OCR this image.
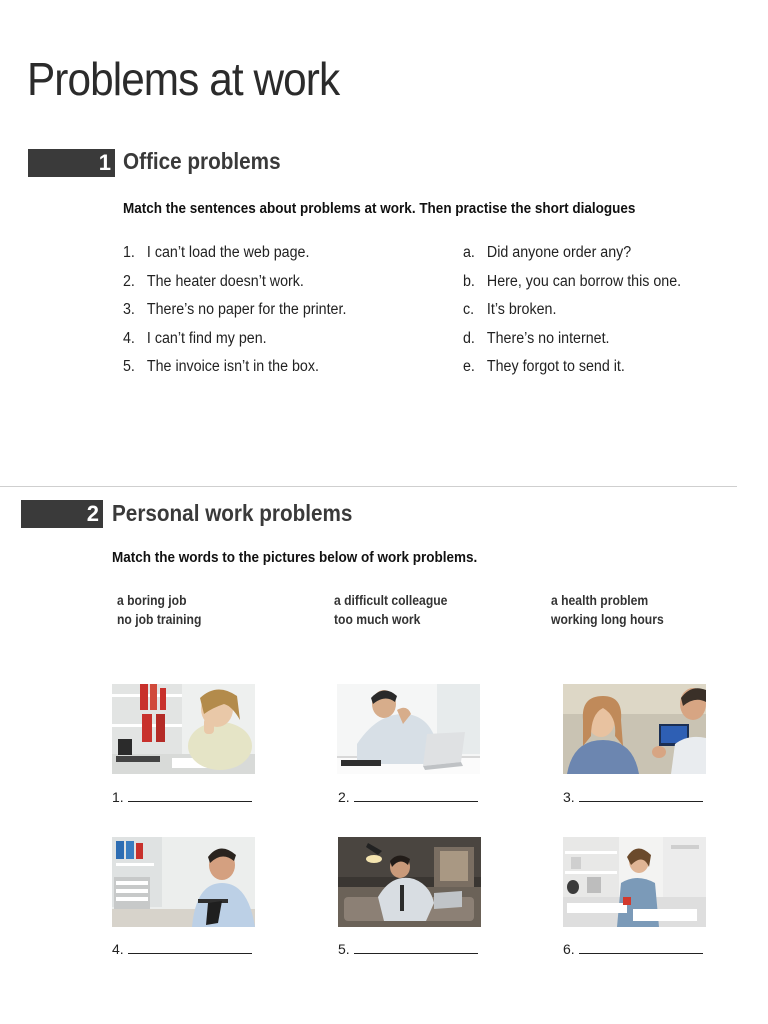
Problems at work
1 Office problems

Match the sentences about problems at work. Then practise the short dialogues

1. I can’t load the web page.
2. The heater doesn’t work.
3. There’s no paper for the printer.
4. I can’t find my pen.
5. The invoice isn’t in the box.
a. Did anyone order any?
b. Here, you can borrow this one.
c. It’s broken.
d. There’s no internet.
e. They forgot to send it.
2 Personal work problems

Match the words to the pictures below of work problems.

a boring job
no job training
a difficult colleague
too much work
a health problem
working long hours
1.	2.	3.
4.	5.	6.
